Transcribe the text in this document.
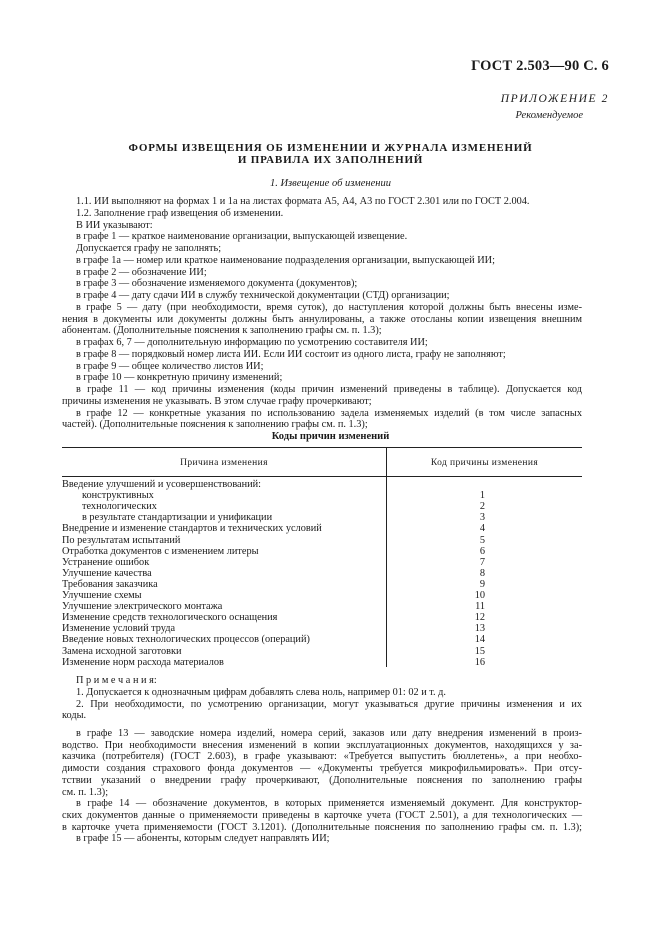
ГОСТ 2.503—90 С. 6
ПРИЛОЖЕНИЕ 2
Рекомендуемое
ФОРМЫ ИЗВЕЩЕНИЯ ОБ ИЗМЕНЕНИИ И ЖУРНАЛА ИЗМЕНЕНИЙ
И ПРАВИЛА ИХ ЗАПОЛНЕНИЙ
1. Извещение об изменении
1.1. ИИ выполняют на формах 1 и 1а на листах формата А5, А4, А3 по ГОСТ 2.301 или по ГОСТ 2.004.
1.2. Заполнение граф извещения об изменении.
В ИИ указывают:
в графе 1 — краткое наименование организации, выпускающей извещение.
Допускается графу не заполнять;
в графе 1а — номер или краткое наименование подразделения организации, выпускающей ИИ;
в графе 2 — обозначение ИИ;
в графе 3 — обозначение изменяемого документа (документов);
в графе 4 — дату сдачи ИИ в службу технической документации (СТД) организации;
в графе 5 — дату (при необходимости, время суток), до наступления которой должны быть внесены изме-
нения в документы или документы должны быть аннулированы, а также отосланы копии извещения внешним
абонентам. (Дополнительные пояснения к заполнению графы см. п. 1.3);
в графах 6, 7 — дополнительную информацию по усмотрению составителя ИИ;
в графе 8 — порядковый номер листа ИИ. Если ИИ состоит из одного листа, графу не заполняют;
в графе 9 — общее количество листов ИИ;
в графе 10 — конкретную причину изменений;
в графе 11 — код причины изменения (коды причин изменений приведены в таблице). Допускается код
причины изменения не указывать. В этом случае графу прочеркивают;
в графе 12 — конкретные указания по использованию задела изменяемых изделий (в том числе запасных
частей). (Дополнительные пояснения к заполнению графы см. п. 1.3);
Коды причин изменений
Причина изменения	Код причины изменения
Введение улучшений и усовершенствований:
конструктивных	1
технологических	2
в результате стандартизации и унификации	3
Внедрение и изменение стандартов и технических условий	4
По результатам испытаний	5
Отработка документов с изменением литеры	6
Устранение ошибок	7
Улучшение качества	8
Требования заказчика	9
Улучшение схемы	10
Улучшение электрического монтажа	11
Изменение средств технологического оснащения	12
Изменение условий труда	13
Введение новых технологических процессов (операций)	14
Замена исходной заготовки	15
Изменение норм расхода материалов	16
П р и м е ч а н и я:
1. Допускается к однозначным цифрам добавлять слева ноль, например 01: 02 и т. д.
2. При необходимости, по усмотрению организации, могут указываться другие причины изменения и их
коды.
в графе 13 — заводские номера изделий, номера серий, заказов или дату внедрения изменений в произ-
водство. При необходимости внесения изменений в копии эксплуатационных документов, находящихся у за-
казчика (потребителя) (ГОСТ 2.603), в графе указывают: «Требуется выпустить бюллетень», а при необхо-
димости создания страхового фонда документов — «Документы требуется микрофильмировать». При отсу-
тствии указаний о внедрении графу прочеркивают, (Дополнительные пояснения по заполнению графы
см. п. 1.3);
в графе 14 — обозначение документов, в которых применяется изменяемый документ. Для конструктор-
ских документов данные о применяемости приведены в карточке учета (ГОСТ 2.501), а для технологических —
в карточке учета применяемости (ГОСТ 3.1201). (Дополнительные пояснения по заполнению графы см. п. 1.3);
в графе 15 — абоненты, которым следует направлять ИИ;
